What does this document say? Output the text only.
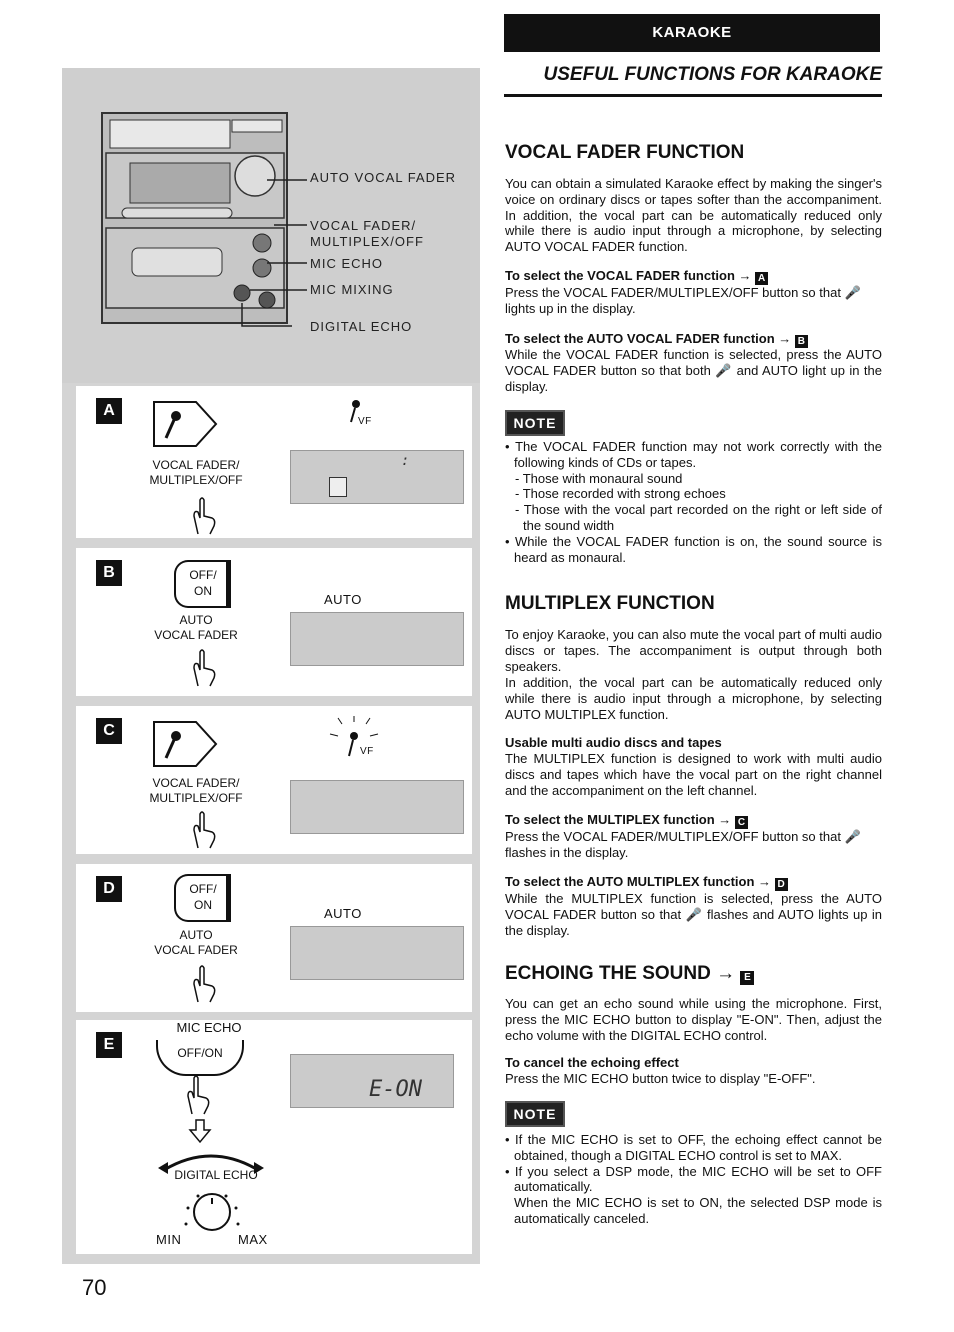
AUTO VOCAL FADER
VOCAL FADER/
MULTIPLEX/OFF
MIC ECHO
MIC MIXING
DIGITAL ECHO
A
VOCAL FADER/
MULTIPLEX/OFF
VF
:
B	OFF/
ON
AUTO
VOCAL FADER
AUTO
C
VOCAL FADER/
MULTIPLEX/OFF
VF
D	OFF/
ON
AUTO
VOCAL FADER
AUTO
E
MIC ECHO
OFF/ON
DIGITAL ECHO
MIN	MAX
E-ON
KARAOKE
USEFUL FUNCTIONS FOR KARAOKE
VOCAL FADER FUNCTION
You can obtain a simulated Karaoke effect by making the singer's voice on ordinary discs or tapes softer than the accompaniment. In addition, the vocal part can be automatically reduced only while there is audio input through a microphone, by selecting AUTO VOCAL FADER function.
To select the VOCAL FADER function → A
Press the VOCAL FADER/MULTIPLEX/OFF button so that 🎤
lights up in the display.
To select the AUTO VOCAL FADER function → B
While the VOCAL FADER function is selected, press the AUTO VOCAL FADER button so that both 🎤 and AUTO light up in the display.
NOTE
• The VOCAL FADER function may not work correctly with the following kinds of CDs or tapes.
- Those with monaural sound
- Those recorded with strong echoes
- Those with the vocal part recorded on the right or left side of the sound width
• While the VOCAL FADER function is on, the sound source is heard as monaural.
MULTIPLEX FUNCTION
To enjoy Karaoke, you can also mute the vocal part of multi audio discs or tapes. The accompaniment is output through both speakers.
In addition, the vocal part can be automatically reduced only while there is audio input through a microphone, by selecting AUTO MULTIPLEX function.
Usable multi audio discs and tapes
The MULTIPLEX function is designed to work with multi audio discs and tapes which have the vocal part on the right channel and the accompaniment on the left channel.
To select the MULTIPLEX function → C
Press the VOCAL FADER/MULTIPLEX/OFF button so that 🎤
flashes in the display.
To select the AUTO MULTIPLEX function → D
While the MULTIPLEX function is selected, press the AUTO VOCAL FADER button so that 🎤 flashes and AUTO lights up in the display.
ECHOING THE SOUND → E
You can get an echo sound while using the microphone. First, press the MIC ECHO button to display "E-ON". Then, adjust the echo volume with the DIGITAL ECHO control.
To cancel the echoing effect
Press the MIC ECHO button twice to display "E-OFF".
NOTE
• If the MIC ECHO is set to OFF, the echoing effect cannot be obtained, though a DIGITAL ECHO control is set to MAX.
• If you select a DSP mode, the MIC ECHO will be set to OFF automatically.
When the MIC ECHO is set to ON, the selected DSP mode is automatically canceled.
70
